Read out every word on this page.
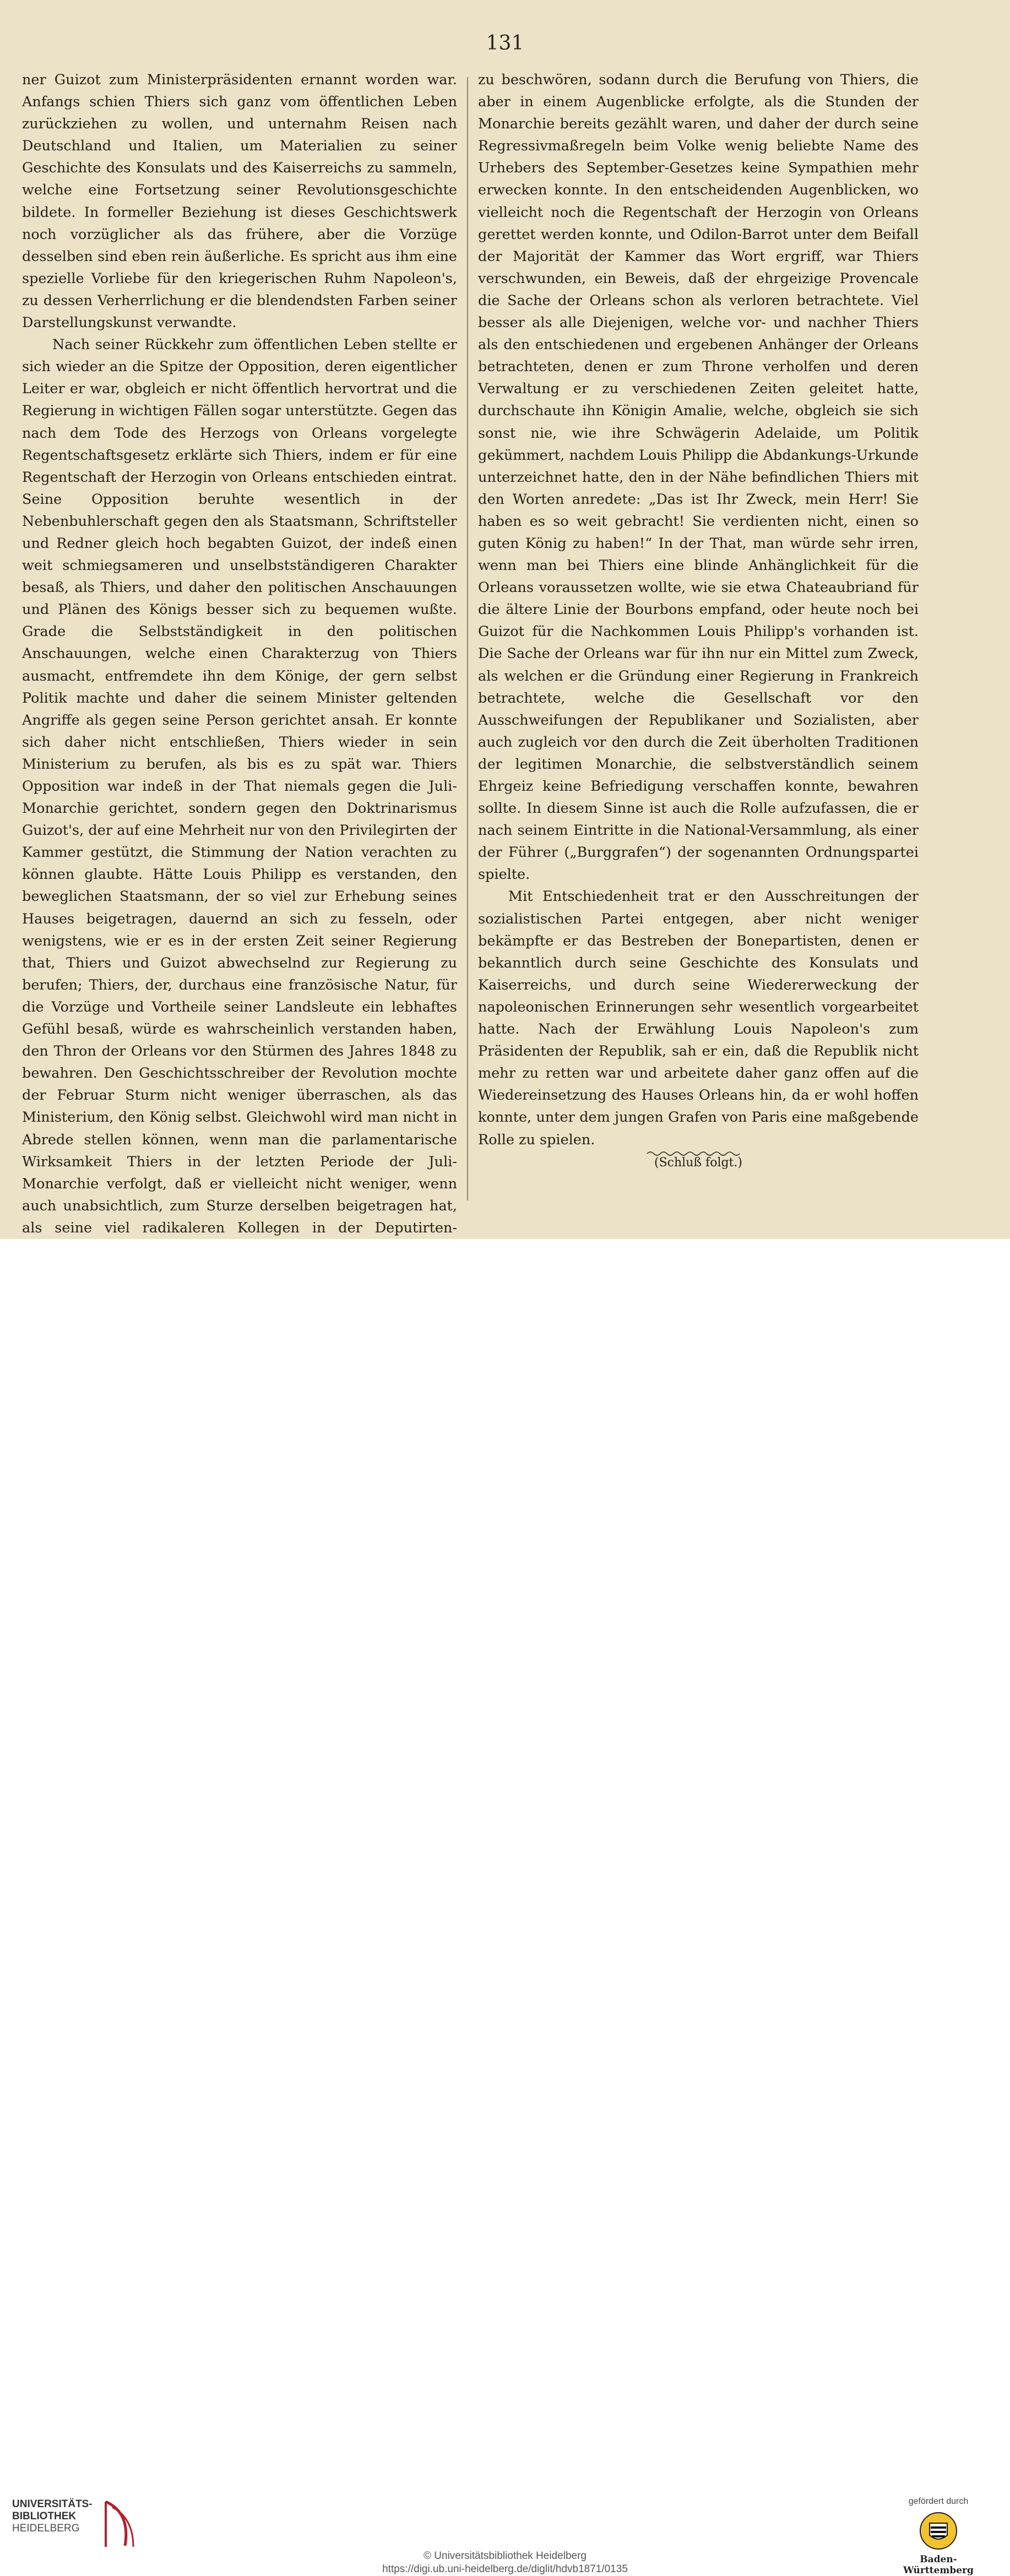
131

ner Guizot zum Ministerpräsidenten ernannt worden war. Anfangs schien Thiers sich ganz vom öffentlichen Leben zurückziehen zu wollen, und unternahm Reisen nach Deutschland und Italien, um Materialien zu seiner Geschichte des Konsulats und des Kaiserreichs zu sammeln, welche eine Fortsetzung seiner Revolutionsgeschichte bildete. In formeller Beziehung ist dieses Geschichtswerk noch vorzüglicher als das frühere, aber die Vorzüge desselben sind eben rein äußerliche. Es spricht aus ihm eine spezielle Vorliebe für den kriegerischen Ruhm Napoleon's, zu dessen Verherrlichung er die blendendsten Farben seiner Darstellungskunst verwandte.

Nach seiner Rückkehr zum öffentlichen Leben stellte er sich wieder an die Spitze der Opposition, deren eigentlicher Leiter er war, obgleich er nicht öffentlich hervortrat und die Regierung in wichtigen Fällen sogar unterstützte. Gegen das nach dem Tode des Herzogs von Orleans vorgelegte Regentschaftsgesetz erklärte sich Thiers, indem er für eine Regentschaft der Herzogin von Orleans entschieden eintrat. Seine Opposition beruhte wesentlich in der Nebenbuhlerschaft gegen den als Staatsmann, Schriftsteller und Redner gleich hoch begabten Guizot, der indeß einen weit schmiegsameren und unselbstständigeren Charakter besaß, als Thiers, und daher den politischen Anschauungen und Plänen des Königs besser sich zu bequemen wußte. Grade die Selbstständigkeit in den politischen Anschauungen, welche einen Charakterzug von Thiers ausmacht, entfremdete ihn dem Könige, der gern selbst Politik machte und daher die seinem Minister geltenden Angriffe als gegen seine Person gerichtet ansah. Er konnte sich daher nicht entschließen, Thiers wieder in sein Ministerium zu berufen, als bis es zu spät war. Thiers Opposition war indeß in der That niemals gegen die Juli-Monarchie gerichtet, sondern gegen den Doktrinarismus Guizot's, der auf eine Mehrheit nur von den Privilegirten der Kammer gestützt, die Stimmung der Nation verachten zu können glaubte. Hätte Louis Philipp es verstanden, den beweglichen Staatsmann, der so viel zur Erhebung seines Hauses beigetragen, dauernd an sich zu fesseln, oder wenigstens, wie er es in der ersten Zeit seiner Regierung that, Thiers und Guizot abwechselnd zur Regierung zu berufen; Thiers, der, durchaus eine französische Natur, für die Vorzüge und Vortheile seiner Landsleute ein lebhaftes Gefühl besaß, würde es wahrscheinlich verstanden haben, den Thron der Orleans vor den Stürmen des Jahres 1848 zu bewahren. Den Geschichtsschreiber der Revolution mochte der Februar Sturm nicht weniger überraschen, als das Ministerium, den König selbst. Gleichwohl wird man nicht in Abrede stellen können, wenn man die parlamentarische Wirksamkeit Thiers in der letzten Periode der Juli-Monarchie verfolgt, daß er vielleicht nicht weniger, wenn auch unabsichtlich, zum Sturze derselben beigetragen hat, als seine viel radikaleren Kollegen in der Deputirten-

zu beschwören, sodann durch die Berufung von Thiers, die aber in einem Augenblicke erfolgte, als die Stunden der Monarchie bereits gezählt waren, und daher der durch seine Regressivmaßregeln beim Volke wenig beliebte Name des Urhebers des September-Gesetzes keine Sympathien mehr erwecken konnte. In den entscheidenden Augenblicken, wo vielleicht noch die Regentschaft der Herzogin von Orleans gerettet werden konnte, und Odilon-Barrot unter dem Beifall der Majorität der Kammer das Wort ergriff, war Thiers verschwunden, ein Beweis, daß der ehrgeizige Provencale die Sache der Orleans schon als verloren betrachtete. Viel besser als alle Diejenigen, welche vor- und nachher Thiers als den entschiedenen und ergebenen Anhänger der Orleans betrachteten, denen er zum Throne verholfen und deren Verwaltung er zu verschiedenen Zeiten geleitet hatte, durchschaute ihn Königin Amalie, welche, obgleich sie sich sonst nie, wie ihre Schwägerin Adelaide, um Politik gekümmert, nachdem Louis Philipp die Abdankungs-Urkunde unterzeichnet hatte, den in der Nähe befindlichen Thiers mit den Worten anredete: „Das ist Ihr Zweck, mein Herr! Sie haben es so weit gebracht! Sie verdienten nicht, einen so guten König zu haben!“ In der That, man würde sehr irren, wenn man bei Thiers eine blinde Anhänglichkeit für die Orleans voraussetzen wollte, wie sie etwa Chateaubriand für die ältere Linie der Bourbons empfand, oder heute noch bei Guizot für die Nachkommen Louis Philipp's vorhanden ist. Die Sache der Orleans war für ihn nur ein Mittel zum Zweck, als welchen er die Gründung einer Regierung in Frankreich betrachtete, welche die Gesellschaft vor den Ausschweifungen der Republikaner und Sozialisten, aber auch zugleich vor den durch die Zeit überholten Traditionen der legitimen Monarchie, die selbstverständlich seinem Ehrgeiz keine Befriedigung verschaffen konnte, bewahren sollte. In diesem Sinne ist auch die Rolle aufzufassen, die er nach seinem Eintritte in die National-Versammlung, als einer der Führer („Burggrafen“) der sogenannten Ordnungspartei spielte.

Mit Entschiedenheit trat er den Ausschreitungen der sozialistischen Partei entgegen, aber nicht weniger bekämpfte er das Bestreben der Bonepartisten, denen er bekanntlich durch seine Geschichte des Konsulats und Kaiserreichs, und durch seine Wiedererweckung der napoleonischen Erinnerungen sehr wesentlich vorgearbeitet hatte. Nach der Erwählung Louis Napoleon's zum Präsidenten der Republik, sah er ein, daß die Republik nicht mehr zu retten war und arbeitete daher ganz offen auf die Wiedereinsetzung des Hauses Orleans hin, da er wohl hoffen konnte, unter dem jungen Grafen von Paris eine maßgebende Rolle zu spielen.

(Schluß folgt.)
UNIVERSITÄTS-
BIBLIOTHEK
HEIDELBERG
© Universitätsbibliothek Heidelberg
https://digi.ub.uni-heidelberg.de/diglit/hdvb1871/0135
gefördert durch
Baden-Württemberg
